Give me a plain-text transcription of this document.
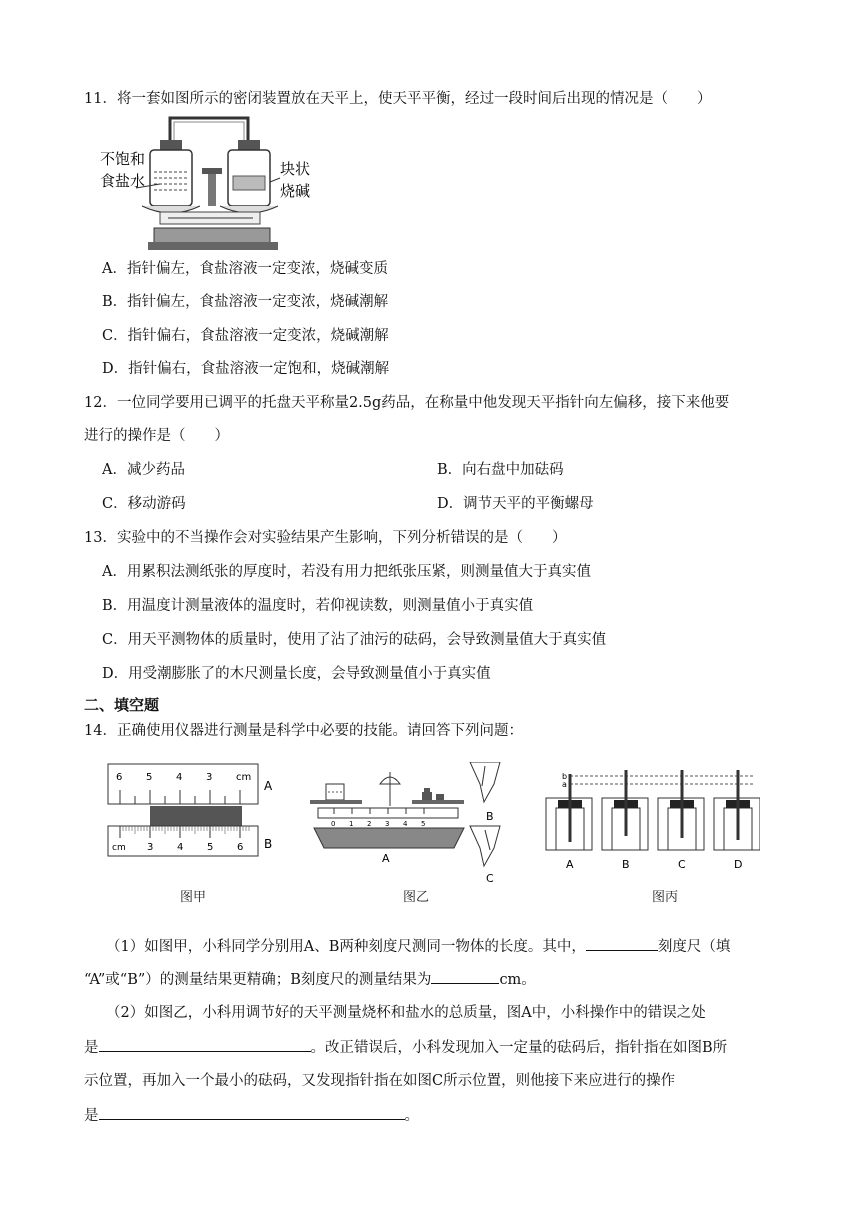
11．将一套如图所示的密闭装置放在天平上，使天平平衡，经过一段时间后出现的情况是（　　）
不饱和
食盐水
块状
烧碱
A．指针偏左，食盐溶液一定变浓，烧碱变质
B．指针偏左，食盐溶液一定变浓，烧碱潮解
C．指针偏右，食盐溶液一定变浓，烧碱潮解
D．指针偏右，食盐溶液一定饱和，烧碱潮解
12．一位同学要用已调平的托盘天平称量2.5g药品，在称量中他发现天平指针向左偏移，接下来他要
进行的操作是（　　）
A．减少药品	B．向右盘中加砝码
C．移动游码	D．调节天平的平衡螺母
13．实验中的不当操作会对实验结果产生影响，下列分析错误的是（　　）
A．用累积法测纸张的厚度时，若没有用力把纸张压紧，则测量值大于真实值
B．用温度计测量液体的温度时，若仰视读数，则测量值小于真实值
C．用天平测物体的质量时，使用了沾了油污的砝码，会导致测量值大于真实值
D．用受潮膨胀了的木尺测量长度，会导致测量值小于真实值
二、填空题
14．正确使用仪器进行测量是科学中必要的技能。请回答下列问题：
6 5 4 3 cm
cm 3 4 5 6
A
B
图甲
0 1 2 3 4 5
A
B
C
图乙
b
a
A	B	C	D
图丙
（1）如图甲，小科同学分别用A、B两种刻度尺测同一物体的长度。其中，	刻度尺（填
“A”或“B”）的测量结果更精确；B刻度尺的测量结果为	cm。
（2）如图乙，小科用调节好的天平测量烧杯和盐水的总质量，图A中，小科操作中的错误之处
是	。改正错误后，小科发现加入一定量的砝码后，指针指在如图B所
示位置，再加入一个最小的砝码，又发现指针指在如图C所示位置，则他接下来应进行的操作
是	。
